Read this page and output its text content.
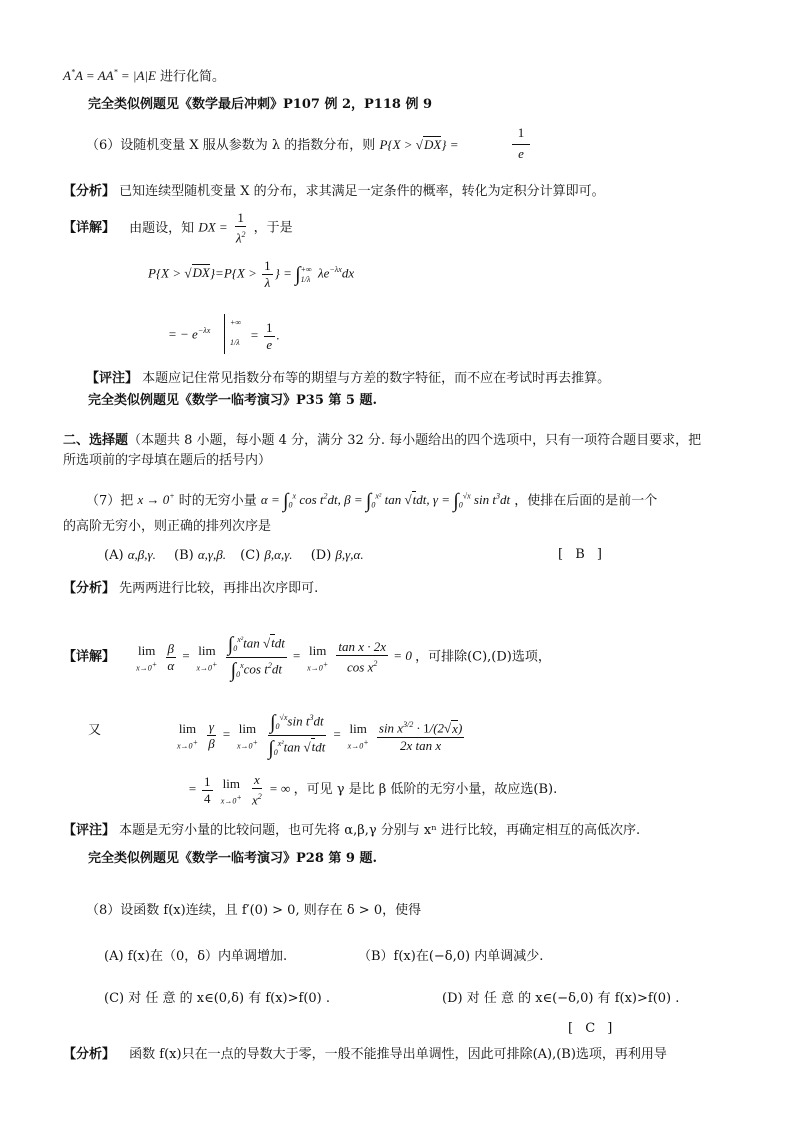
A*A = AA* = |A|E 进行化简。
完全类似例题见《数学最后冲刺》P107 例 2，P118 例 9
（6）设随机变量 X 服从参数为 λ 的指数分布，则 P{X > √DX} =	$\frac{1}{e}$
【分析】 已知连续型随机变量 X 的分布，求其满足一定条件的概率，转化为定积分计算即可。
【详解】 由题设，知 DX = $\frac{1}{\lambda^2}$ ，于是
$P\{X > √DX\}=P\{X > \frac{1}{\lambda}$ } = ∫ +∞
1/λ $\lambda e^{-\lambda x}dx$
= − $e^{-\lambda x}$
+∞

1/λ
= $\frac{1}{e}$ .
【评注】 本题应记住常见指数分布等的期望与方差的数字特征，而不应在考试时再去推算。
完全类似例题见《数学一临考演习》P35 第 5 题.
二、选择题（本题共 8 小题，每小题 4 分，满分 32 分. 每小题给出的四个选项中，只有一项符合题目要求，把
所选项前的字母填在题后的括号内）
（7）把 x → 0+ 时的无穷小量 $\alpha = \int_0^x$ $\cos t^2dt$, $\beta = \int_0^{x^2}$ tan √tdt, $\gamma = \int_0^{√x}$ $\sin t^3dt$ ，使排在后面的是前一个
的高阶无穷小，则正确的排列次序是
(A) α,β,γ. (B) α,γ,β. (C) β,α,γ. (D) β,γ,α.	[ B ]
【分析】 先两两进行比较，再排出次序即可.
【详解】 lim
x→0+
$\frac{\beta}{\alpha} = \lim$
x→0+
$\frac{\int_0^{x^2}\tan √tdt}{\int_0^x\cos t^2dt} = \lim$
x→0+
$\frac{\text{tan x · 2x}}{\cos x^2} = 0$ ，可排除(C),(D)选项，
又	lim
x→0+
$\frac{\gamma}{\beta} = \lim$
x→0+
$\frac{\int_0^{√x}\sin t^3dt}{\int_0^{x^2}\tan √tdt} = \lim$
x→0+
$\frac{\sin x^{3/2} \cdot 1/(2√x)}{\text{2x tan x}}$
= $\frac{1}{4}$
lim
x→0+
$\frac{x}{x^2}$ = ∞ ，可见 γ 是比 β 低阶的无穷小量，故应选(B).
【评注】 本题是无穷小量的比较问题，也可先将 α,β,γ 分别与 xⁿ 进行比较，再确定相互的高低次序.
完全类似例题见《数学一临考演习》P28 第 9 题.
（8）设函数 f(x)连续，且 f′(0) > 0, 则存在 δ > 0，使得
(A) f(x)在（0，δ）内单调增加.	（B）f(x)在(−δ,0) 内单调减少.
(C) 对 任 意 的 x∈(0,δ) 有 f(x)>f(0) .	(D) 对 任 意 的 x∈(−δ,0) 有 f(x)>f(0) .
[ C ]
【分析】 函数 f(x)只在一点的导数大于零，一般不能推导出单调性，因此可排除(A),(B)选项，再利用导
